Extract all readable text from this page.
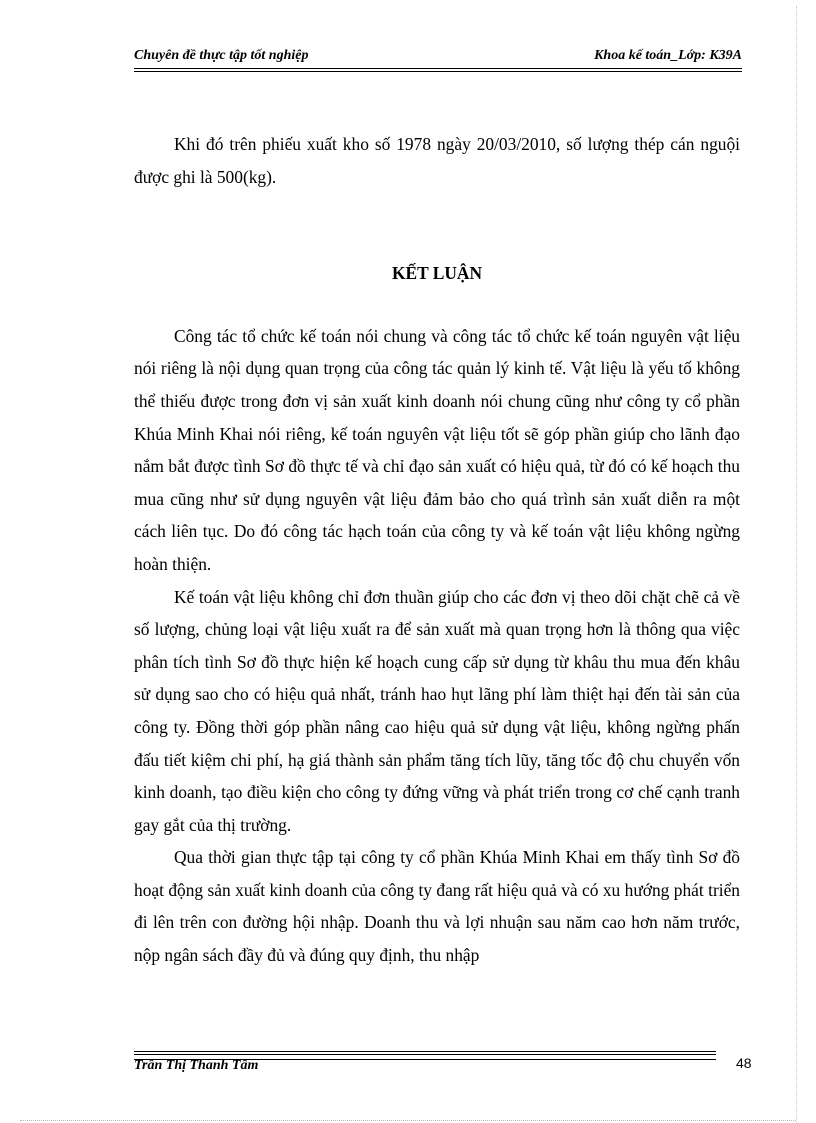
Chuyên đề thực tập tốt nghiệp	Khoa kế toán_Lớp: K39A

Khi đó trên phiếu xuất kho số 1978 ngày 20/03/2010, số lượng thép cán nguội được ghi là 500(kg).

KẾT LUẬN

Công tác tổ chức kế toán nói chung và công tác tổ chức kế toán nguyên vật liệu nói riêng là nội dụng quan trọng của công tác quản lý kinh tế. Vật liệu là yếu tố không thể thiếu được trong đơn vị sản xuất kinh doanh nói chung cũng như công ty cổ phần Khúa Minh Khai nói riêng, kế toán nguyên vật liệu tốt sẽ góp phần giúp cho lãnh đạo nắm bắt được tình Sơ đồ thực tế và chỉ đạo sản xuất có hiệu quả, từ đó có kế hoạch thu mua cũng như sử dụng nguyên vật liệu đảm bảo cho quá trình sản xuất diễn ra một cách liên tục. Do đó công tác hạch toán của công ty và kế toán vật liệu không ngừng hoàn thiện.

Kế toán vật liệu không chỉ đơn thuần giúp cho các đơn vị theo dõi chặt chẽ cả về số lượng, chủng loại vật liệu xuất ra để sản xuất mà quan trọng hơn là thông qua việc phân tích tình Sơ đồ thực hiện kế hoạch cung cấp sử dụng từ khâu thu mua đến khâu sử dụng sao cho có hiệu quả nhất, tránh hao hụt lãng phí làm thiệt hại đến tài sản của công ty. Đồng thời góp phần nâng cao hiệu quả sử dụng vật liệu, không ngừng phấn đấu tiết kiệm chi phí, hạ giá thành sản phẩm tăng tích lũy, tăng tốc độ chu chuyển vốn kinh doanh, tạo điều kiện cho công ty đứng vững và phát triển trong cơ chế cạnh tranh gay gắt của thị trường.

Qua thời gian thực tập tại công ty cổ phần Khúa Minh Khai em thấy tình Sơ đồ hoạt động sản xuất kinh doanh của công ty đang rất hiệu quả và có xu hướng phát triển đi lên trên con đường hội nhập. Doanh thu và lợi nhuận sau năm cao hơn năm trước, nộp ngân sách đầy đủ và đúng quy định, thu nhập

Trần Thị Thanh Tâm	48
